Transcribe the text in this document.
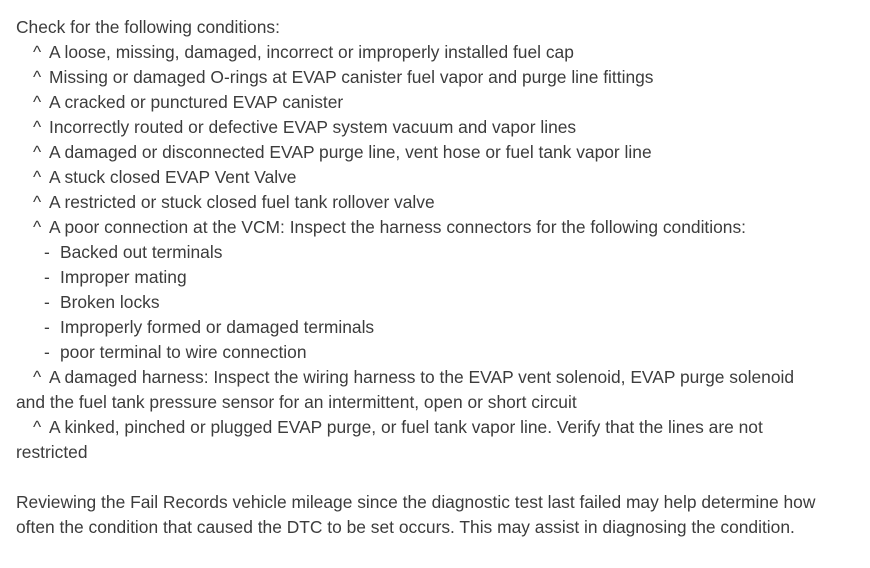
Check for the following conditions:
^ A loose, missing, damaged, incorrect or improperly installed fuel cap
^ Missing or damaged O-rings at EVAP canister fuel vapor and purge line fittings
^ A cracked or punctured EVAP canister
^ Incorrectly routed or defective EVAP system vacuum and vapor lines
^ A damaged or disconnected EVAP purge line, vent hose or fuel tank vapor line
^ A stuck closed EVAP Vent Valve
^ A restricted or stuck closed fuel tank rollover valve
^ A poor connection at the VCM: Inspect the harness connectors for the following conditions:
- Backed out terminals
- Improper mating
- Broken locks
- Improperly formed or damaged terminals
- poor terminal to wire connection
^ A damaged harness: Inspect the wiring harness to the EVAP vent solenoid, EVAP purge solenoid and the fuel tank pressure sensor for an intermittent, open or short circuit
^ A kinked, pinched or plugged EVAP purge, or fuel tank vapor line. Verify that the lines are not restricted
Reviewing the Fail Records vehicle mileage since the diagnostic test last failed may help determine how often the condition that caused the DTC to be set occurs. This may assist in diagnosing the condition.
